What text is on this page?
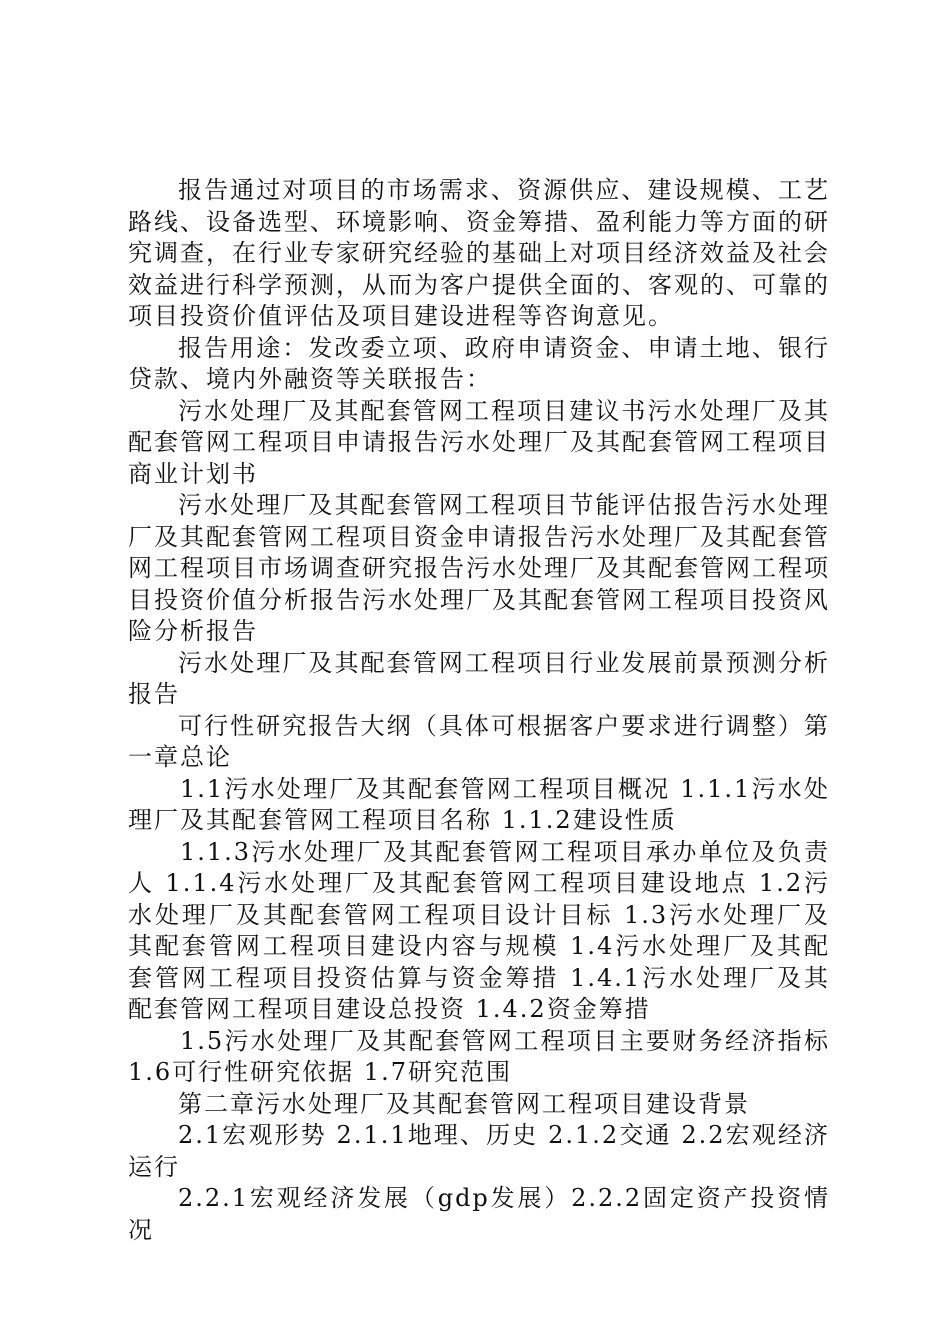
报告通过对项目的市场需求、资源供应、建设规模、工艺路线、设备选型、环境影响、资金筹措、盈利能力等方面的研究调查，在行业专家研究经验的基础上对项目经济效益及社会效益进行科学预测，从而为客户提供全面的、客观的、可靠的项目投资价值评估及项目建设进程等咨询意见。

报告用途：发改委立项、政府申请资金、申请土地、银行贷款、境内外融资等关联报告：

污水处理厂及其配套管网工程项目建议书污水处理厂及其配套管网工程项目申请报告污水处理厂及其配套管网工程项目商业计划书

污水处理厂及其配套管网工程项目节能评估报告污水处理厂及其配套管网工程项目资金申请报告污水处理厂及其配套管网工程项目市场调查研究报告污水处理厂及其配套管网工程项目投资价值分析报告污水处理厂及其配套管网工程项目投资风险分析报告

污水处理厂及其配套管网工程项目行业发展前景预测分析报告

可行性研究报告大纲（具体可根据客户要求进行调整）第一章总论

1.1污水处理厂及其配套管网工程项目概况 1.1.1污水处理厂及其配套管网工程项目名称 1.1.2建设性质

1.1.3污水处理厂及其配套管网工程项目承办单位及负责人 1.1.4污水处理厂及其配套管网工程项目建设地点 1.2污水处理厂及其配套管网工程项目设计目标 1.3污水处理厂及其配套管网工程项目建设内容与规模 1.4污水处理厂及其配套管网工程项目投资估算与资金筹措 1.4.1污水处理厂及其配套管网工程项目建设总投资 1.4.2资金筹措

1.5污水处理厂及其配套管网工程项目主要财务经济指标 1.6可行性研究依据 1.7研究范围

第二章污水处理厂及其配套管网工程项目建设背景

2.1宏观形势 2.1.1地理、历史 2.1.2交通 2.2宏观经济运行

2.2.1宏观经济发展（gdp发展）2.2.2固定资产投资情况
